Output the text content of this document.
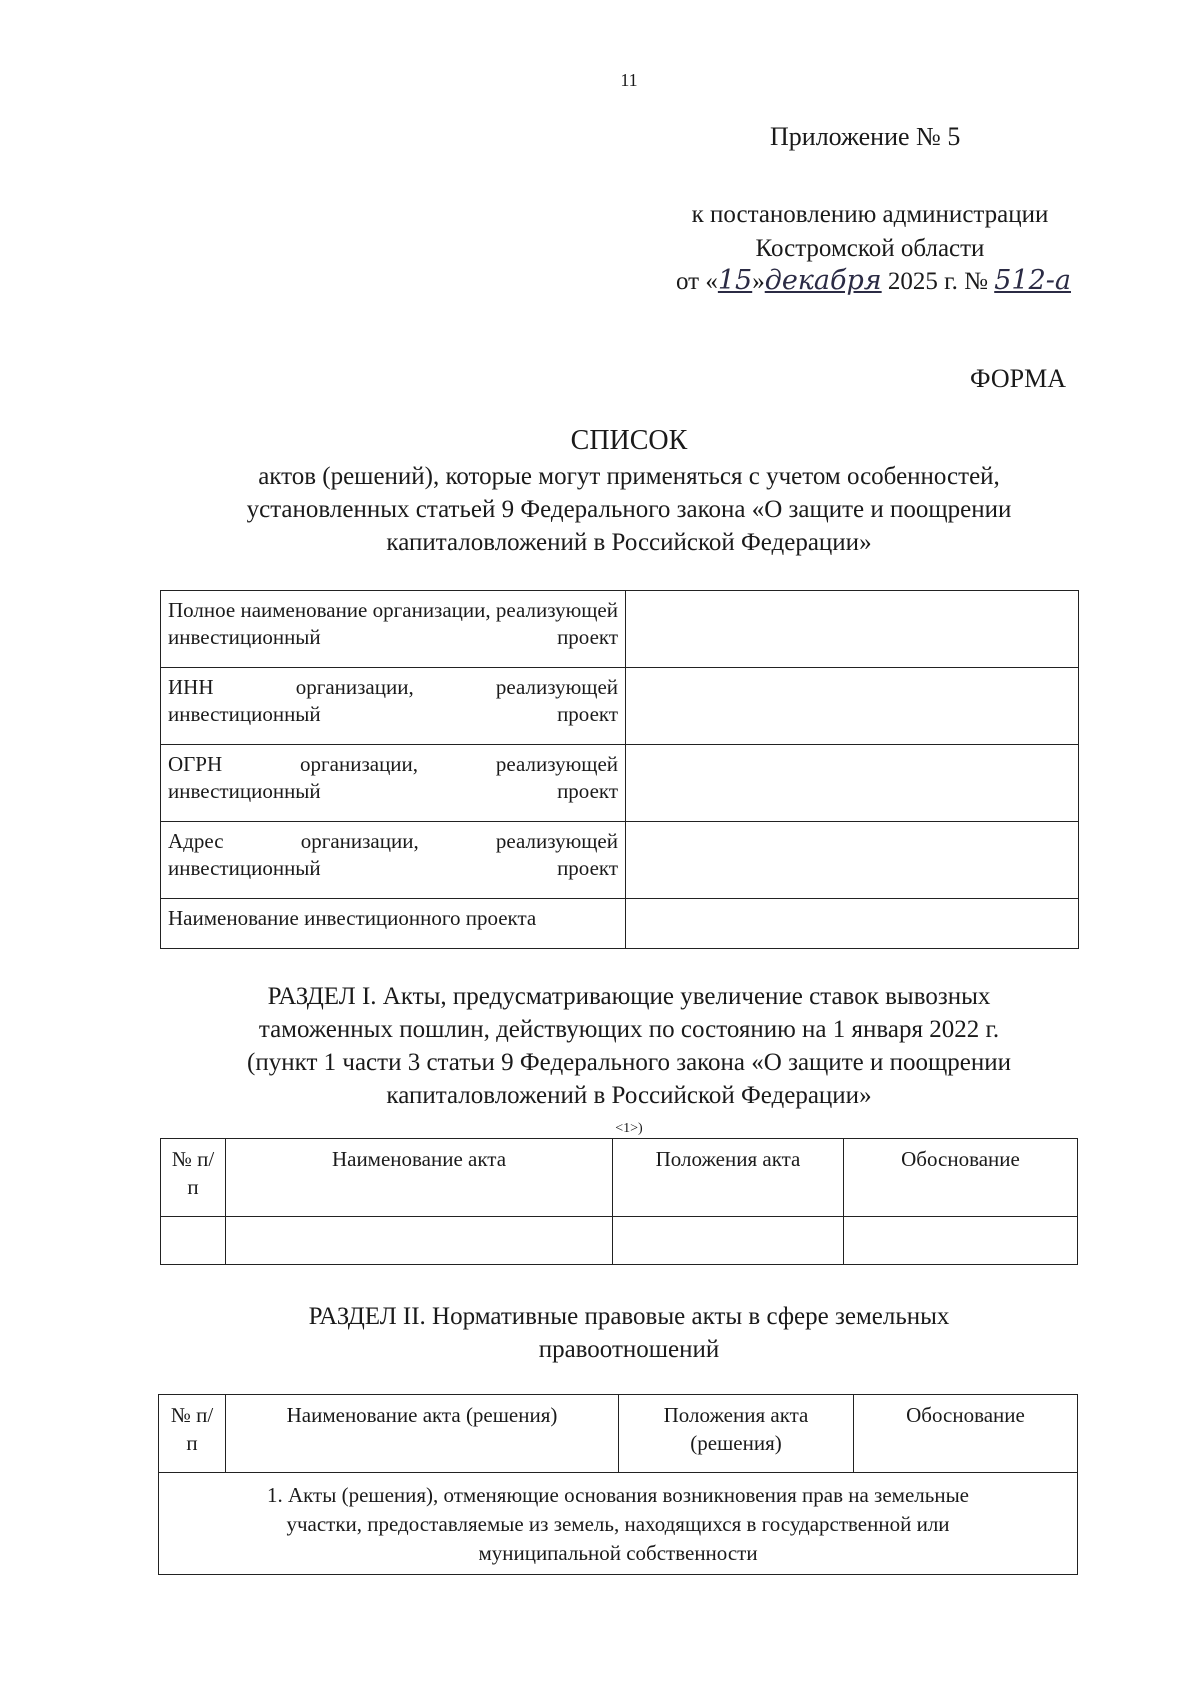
11
Приложение № 5
к постановлению администрации
Костромской области
от «15»декабря 2025 г. № 512-а
ФОРМА
СПИСОК
актов (решений), которые могут применяться с учетом особенностей,
установленных статьей 9 Федерального закона «О защите и поощрении
капиталовложений в Российской Федерации»
Полное наименование организации, реализующей инвестиционный проект	
ИНН организации, реализующей инвестиционный проект	
ОГРН организации, реализующей инвестиционный проект	
Адрес организации, реализующей инвестиционный проект	
Наименование инвестиционного проекта	
РАЗДЕЛ I. Акты, предусматривающие увеличение ставок вывозных
таможенных пошлин, действующих по состоянию на 1 января 2022 г.
(пункт 1 части 3 статьи 9 Федерального закона «О защите и поощрении
капиталовложений в Российской Федерации»
$^{<1>)}$
№ п/п	Наименование акта	Положения акта	Обоснование

РАЗДЕЛ II. Нормативные правовые акты в сфере земельных
правоотношений
№ п/п	Наименование акта (решения)	Положения акта (решения)	Обоснование

1. Акты (решения), отменяющие основания возникновения прав на земельные
участки, предоставляемые из земель, находящихся в государственной или
муниципальной собственности
